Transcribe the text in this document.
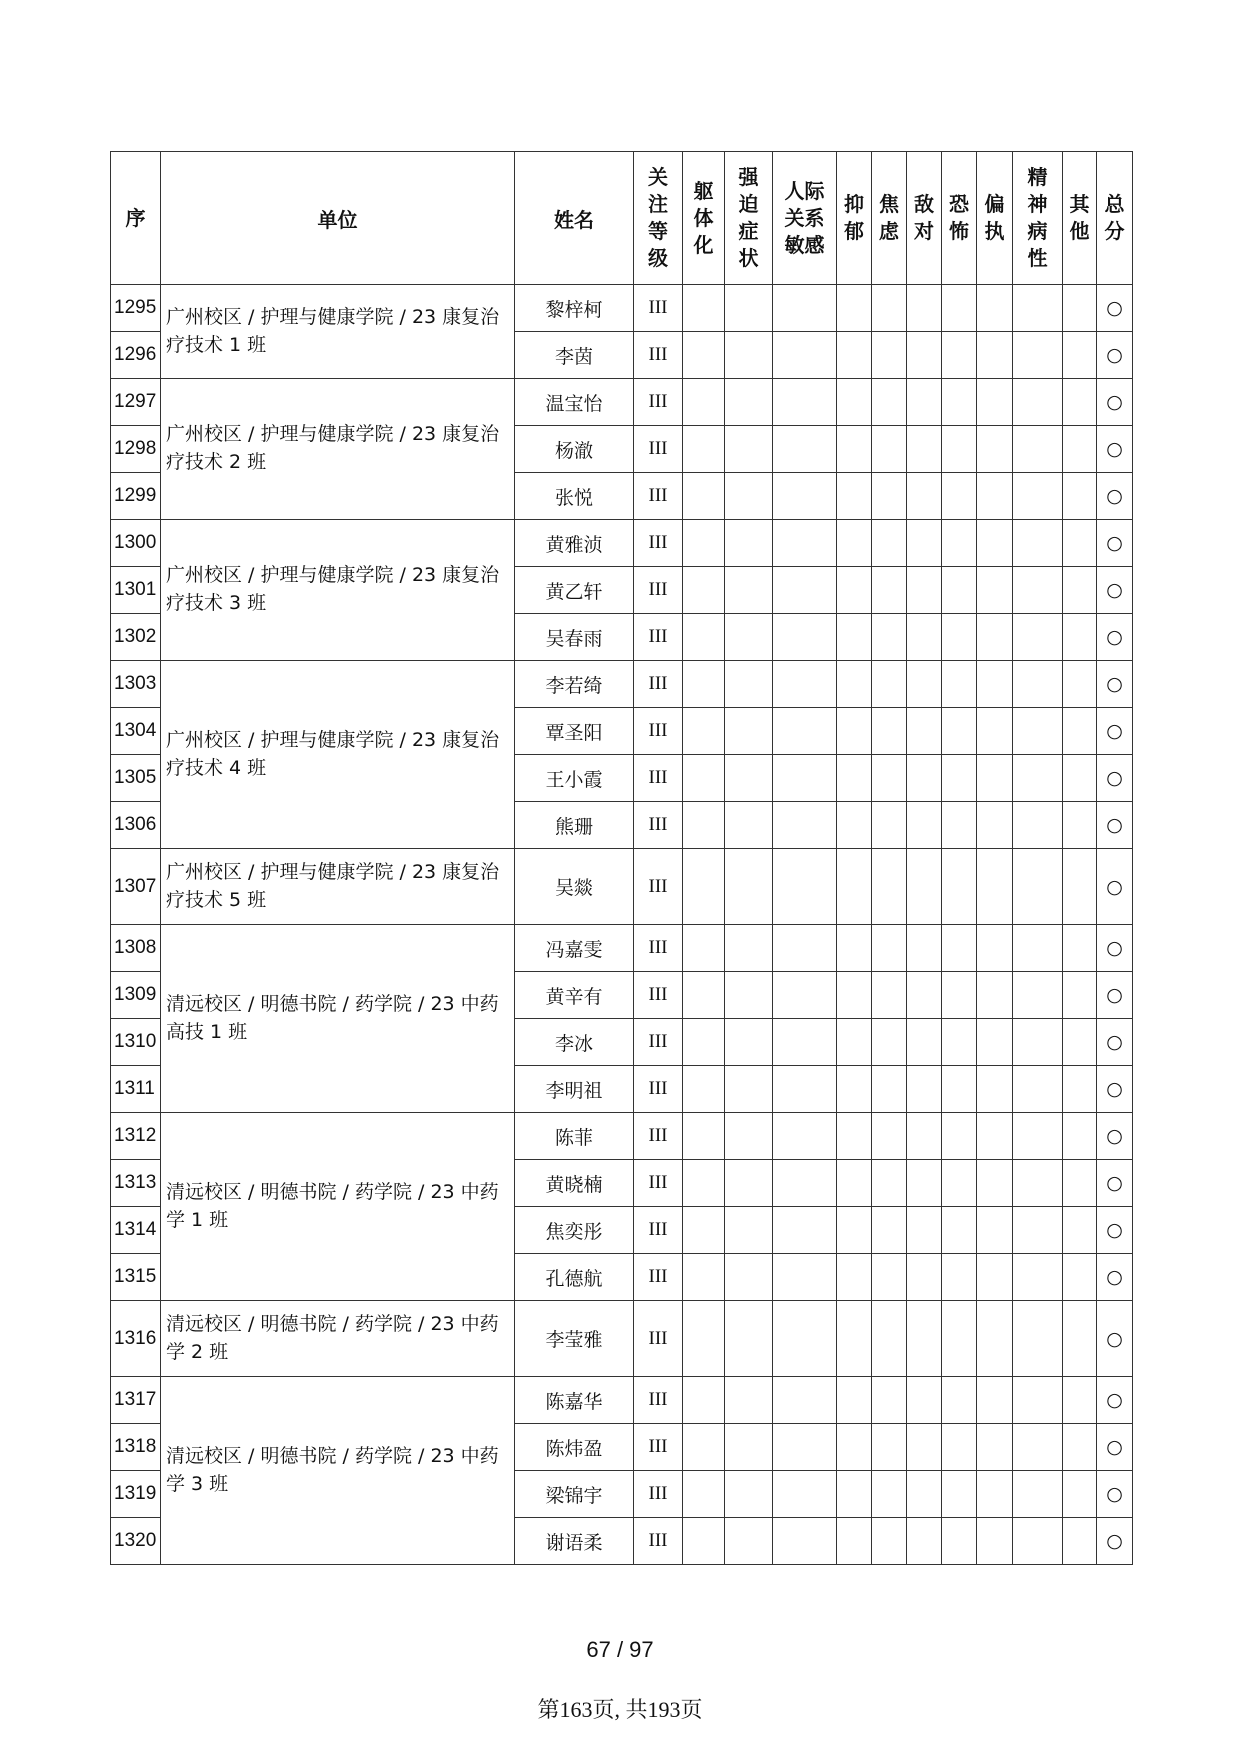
序	单位	姓名	关注等级	躯体化	强迫症状	人际关系敏感	抑郁	焦虑	敌对	恐怖	偏执	精神病性	其他	总分
1295	广州校区 / 护理与健康学院 / 23 康复治疗技术 1 班	黎梓柯	III											○
1296		李茵	III											○
1297	广州校区 / 护理与健康学院 / 23 康复治疗技术 2 班	温宝怡	III											○
1298		杨澈	III											○
1299		张悦	III											○
1300	广州校区 / 护理与健康学院 / 23 康复治疗技术 3 班	黄雅浈	III											○
1301		黄乙轩	III											○
1302		吴春雨	III											○
1303	广州校区 / 护理与健康学院 / 23 康复治疗技术 4 班	李若绮	III											○
1304		覃圣阳	III											○
1305		王小霞	III											○
1306		熊珊	III											○
1307	广州校区 / 护理与健康学院 / 23 康复治疗技术 5 班	吴燚	III											○
1308	清远校区 / 明德书院 / 药学院 / 23 中药高技 1 班	冯嘉雯	III											○
1309		黄辛有	III											○
1310		李冰	III											○
1311		李明祖	III											○
1312	清远校区 / 明德书院 / 药学院 / 23 中药学 1 班	陈菲	III											○
1313		黄晓楠	III											○
1314		焦奕彤	III											○
1315		孔德航	III											○
1316	清远校区 / 明德书院 / 药学院 / 23 中药学 2 班	李莹雅	III											○
1317	清远校区 / 明德书院 / 药学院 / 23 中药学 3 班	陈嘉华	III											○
1318		陈炜盈	III											○
1319		梁锦宇	III											○
1320		谢语柔	III											○
67 / 97
第163页, 共193页
